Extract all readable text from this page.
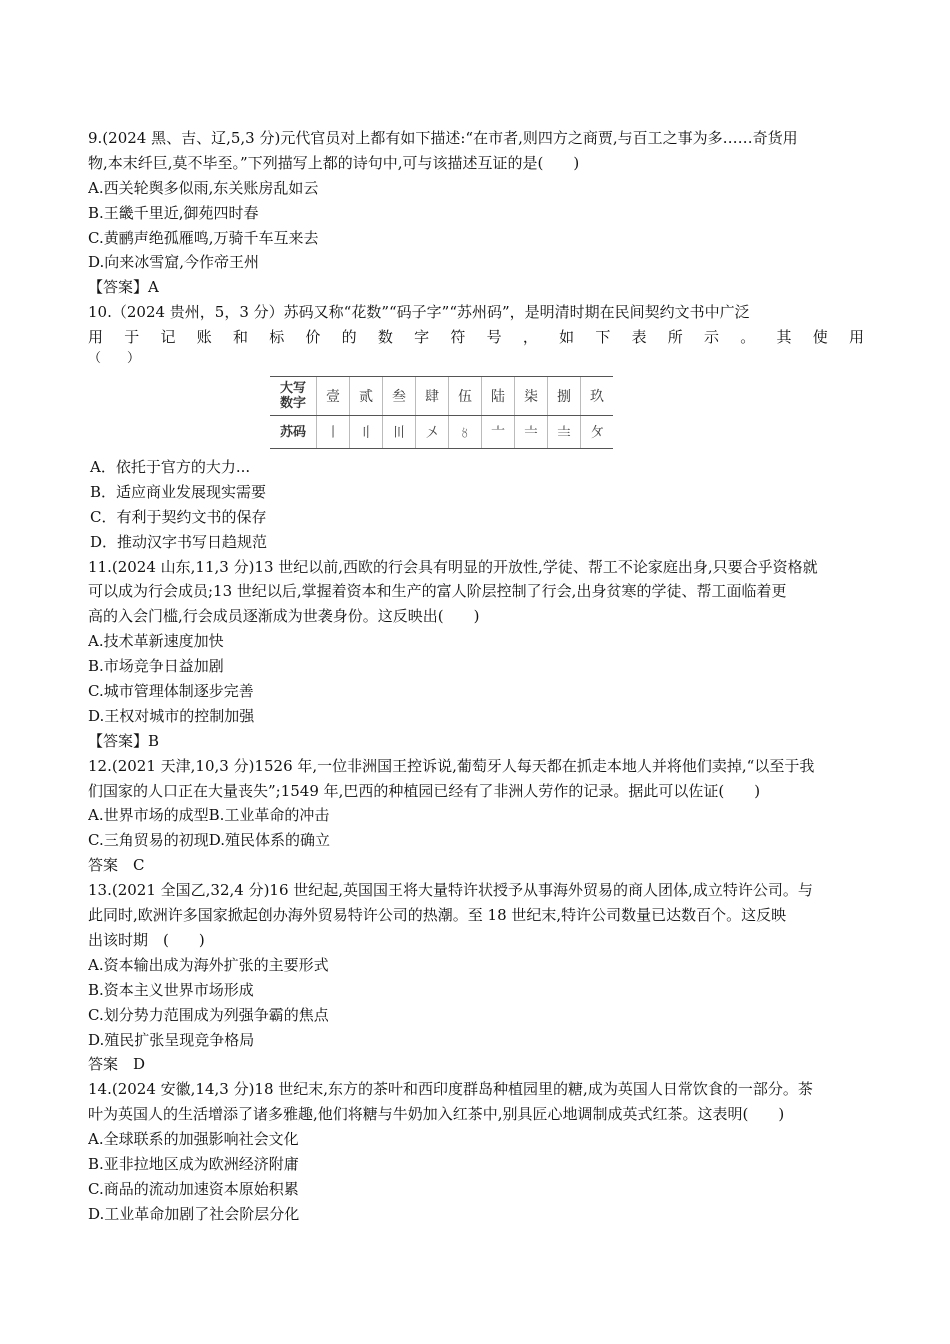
9.(2024 黑、吉、辽,5,3 分)元代官员对上都有如下描述:“在市者,则四方之商贾,与百工之事为多……奇货用
物,本末纤巨,莫不毕至。”下列描写上都的诗句中,可与该描述互证的是(　　)
A.西关轮舆多似雨,东关账房乱如云
B.王畿千里近,御苑四时春
C.黄鹂声绝孤雁鸣,万骑千车互来去
D.向来冰雪窟,今作帝王州
【答案】A
10.（2024 贵州，5，3 分）苏码又称“花数”“码子字”“苏州码”，是明清时期在民间契约文书中广泛
用 于 记 账 和 标 价 的 数 字 符 号 ， 如 下 表 所 示 。 其 使 用
（　　）
大写
数字	壹	贰	叁	肆	伍	陆	柒	捌	玖
苏码	〡	〢	〣	〤	〥	〦	〧	〨	〩
A．依托于官方的大力...
B．适应商业发展现实需要
C．有利于契约文书的保存
D．推动汉字书写日趋规范
11.(2024 山东,11,3 分)13 世纪以前,西欧的行会具有明显的开放性,学徒、帮工不论家庭出身,只要合乎资格就
可以成为行会成员;13 世纪以后,掌握着资本和生产的富人阶层控制了行会,出身贫寒的学徒、帮工面临着更
高的入会门槛,行会成员逐渐成为世袭身份。这反映出(　　)
A.技术革新速度加快
B.市场竞争日益加剧
C.城市管理体制逐步完善
D.王权对城市的控制加强
【答案】B
12.(2021 天津,10,3 分)1526 年,一位非洲国王控诉说,葡萄牙人每天都在抓走本地人并将他们卖掉,“以至于我
们国家的人口正在大量丧失”;1549 年,巴西的种植园已经有了非洲人劳作的记录。据此可以佐证(　　)
A.世界市场的成型B.工业革命的冲击
C.三角贸易的初现D.殖民体系的确立
答案　C
13.(2021 全国乙,32,4 分)16 世纪起,英国国王将大量特许状授予从事海外贸易的商人团体,成立特许公司。与
此同时,欧洲许多国家掀起创办海外贸易特许公司的热潮。至 18 世纪末,特许公司数量已达数百个。这反映
出该时期　(　　)
A.资本输出成为海外扩张的主要形式
B.资本主义世界市场形成
C.划分势力范围成为列强争霸的焦点
D.殖民扩张呈现竞争格局
答案　D
14.(2024 安徽,14,3 分)18 世纪末,东方的茶叶和西印度群岛种植园里的糖,成为英国人日常饮食的一部分。茶
叶为英国人的生活增添了诸多雅趣,他们将糖与牛奶加入红茶中,别具匠心地调制成英式红茶。这表明(　　)
A.全球联系的加强影响社会文化
B.亚非拉地区成为欧洲经济附庸
C.商品的流动加速资本原始积累
D.工业革命加剧了社会阶层分化
